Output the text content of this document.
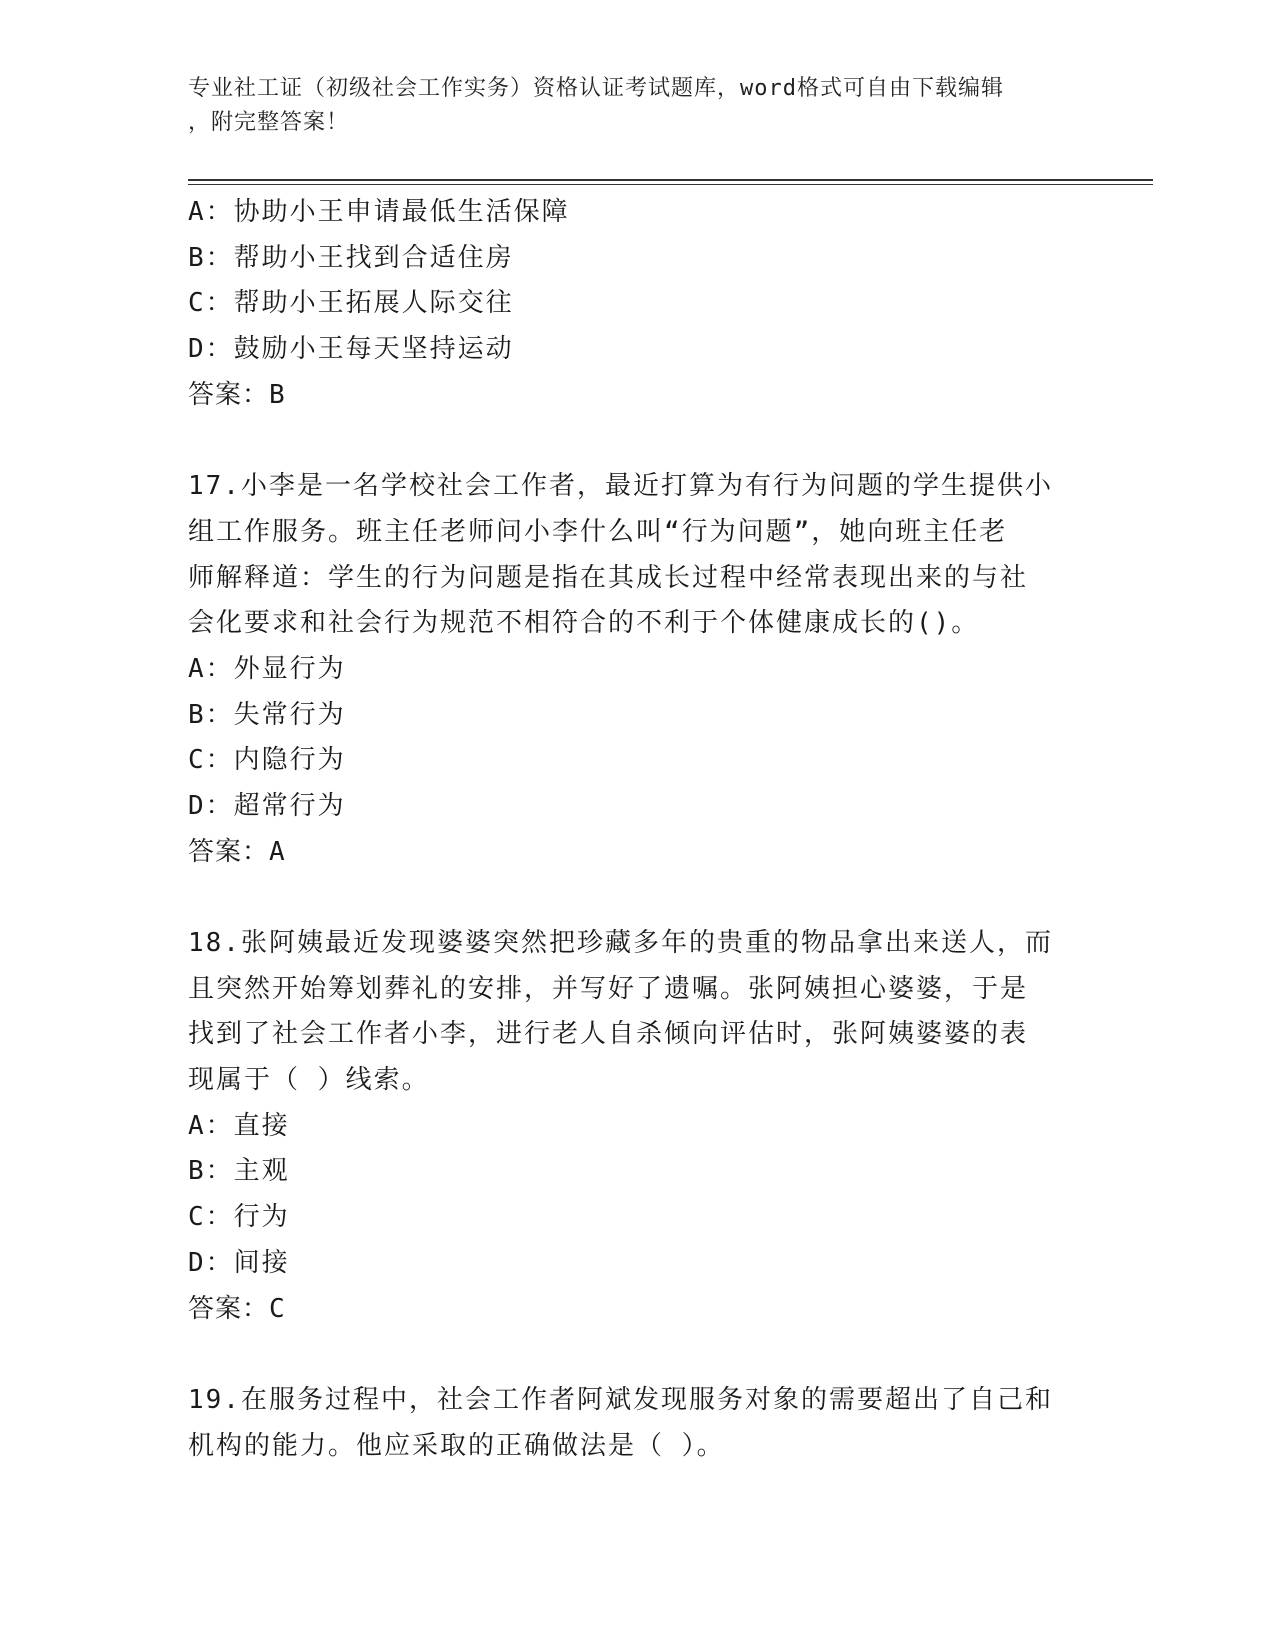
专业社工证（初级社会工作实务）资格认证考试题库，word格式可自由下载编辑
，附完整答案！
A：协助小王申请最低生活保障
B：帮助小王找到合适住房
C：帮助小王拓展人际交往
D：鼓励小王每天坚持运动
答案：B
17.小李是一名学校社会工作者，最近打算为有行为问题的学生提供小
组工作服务。班主任老师问小李什么叫“行为问题”，她向班主任老
师解释道：学生的行为问题是指在其成长过程中经常表现出来的与社
会化要求和社会行为规范不相符合的不利于个体健康成长的()。
A：外显行为
B：失常行为
C：内隐行为
D：超常行为
答案：A
18.张阿姨最近发现婆婆突然把珍藏多年的贵重的物品拿出来送人，而
且突然开始筹划葬礼的安排，并写好了遗嘱。张阿姨担心婆婆，于是
找到了社会工作者小李，进行老人自杀倾向评估时，张阿姨婆婆的表
现属于（ ）线索。
A：直接
B：主观
C：行为
D：间接
答案：C
19.在服务过程中，社会工作者阿斌发现服务对象的需要超出了自己和
机构的能力。他应采取的正确做法是（ ）。
